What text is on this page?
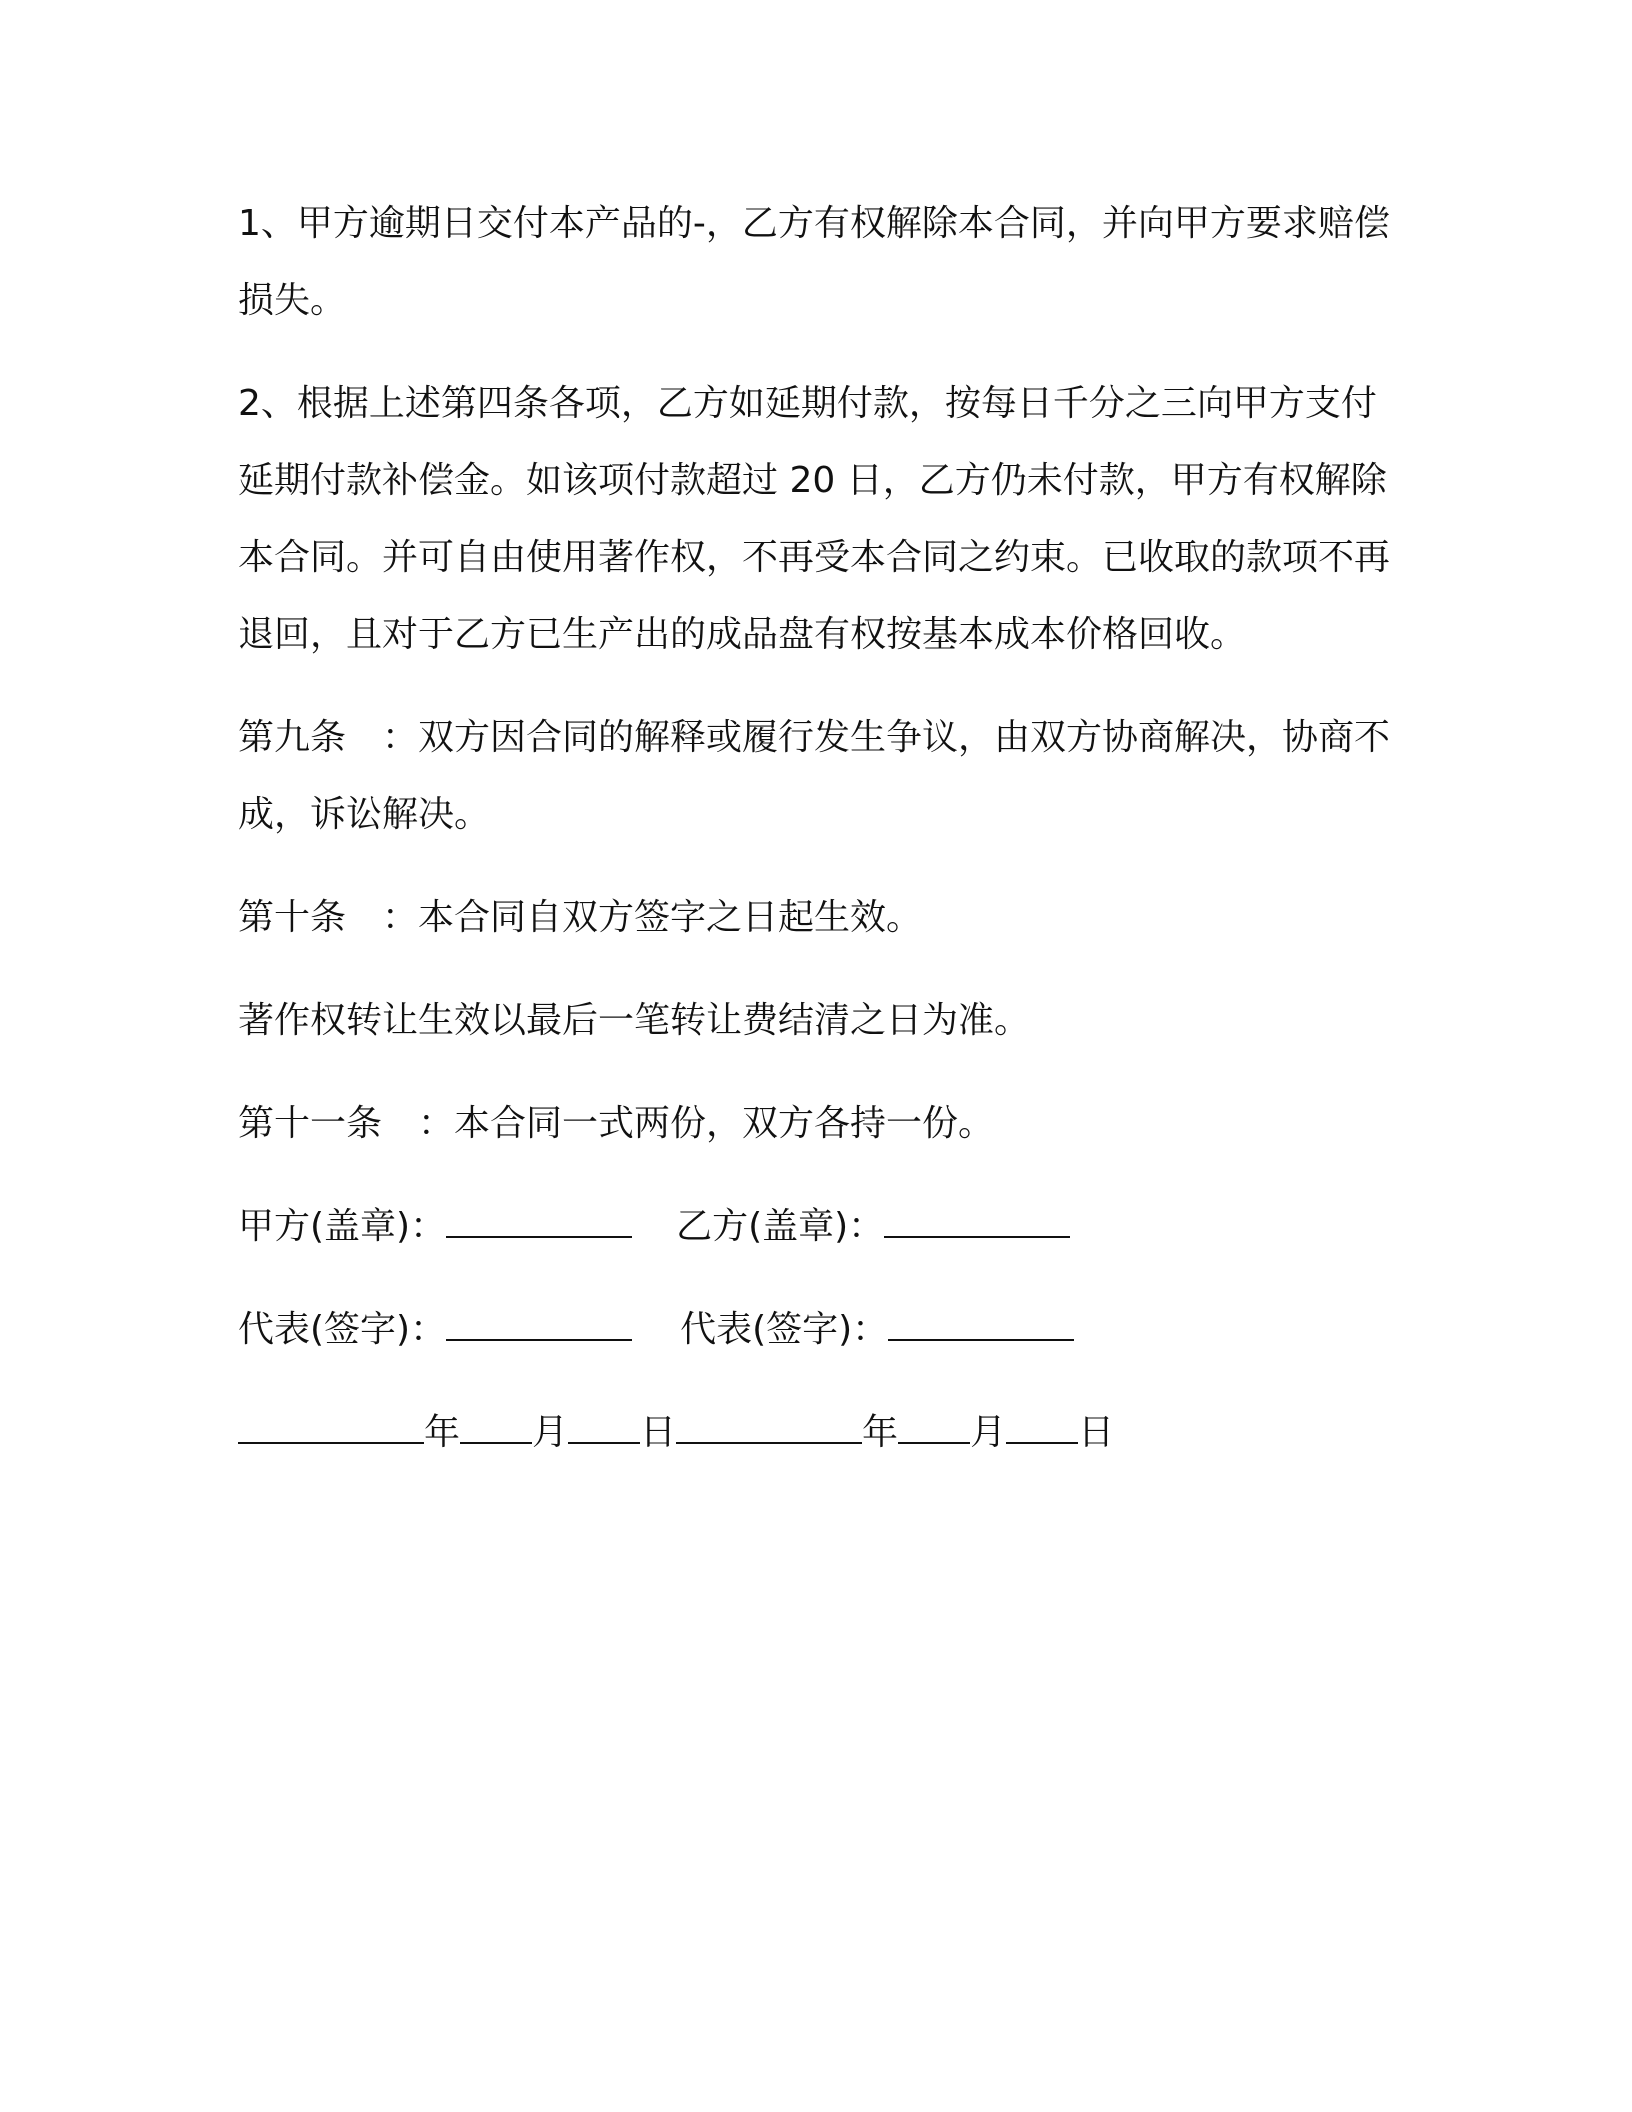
1、甲方逾期日交付本产品的-，乙方有权解除本合同，并向甲方要求赔偿损失。

2、根据上述第四条各项，乙方如延期付款，按每日千分之三向甲方支付延期付款补偿金。如该项付款超过 20 日，乙方仍未付款，甲方有权解除本合同。并可自由使用著作权，不再受本合同之约束。已收取的款项不再退回，且对于乙方已生产出的成品盘有权按基本成本价格回收。

第九条 ：双方因合同的解释或履行发生争议，由双方协商解决，协商不成，诉讼解决。

第十条 ：本合同自双方签字之日起生效。

著作权转让生效以最后一笔转让费结清之日为准。

第十一条 ：本合同一式两份，双方各持一份。

甲方(盖章)：	乙方(盖章)：
代表(签字)：	代表(签字)：
年 月 日	年 月 日
